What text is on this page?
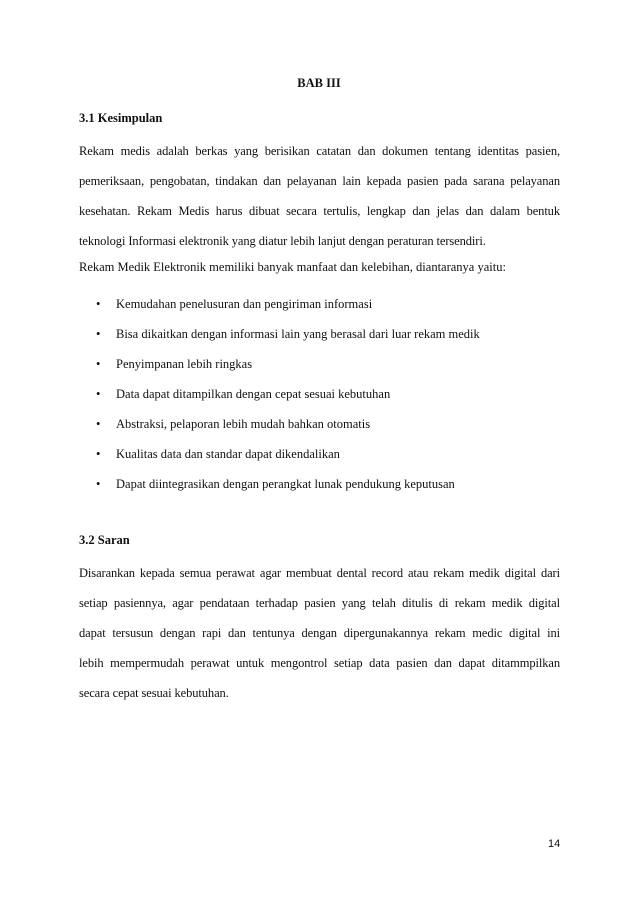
BAB III
3.1 Kesimpulan
Rekam medis adalah berkas yang berisikan catatan dan dokumen tentang identitas pasien,
pemeriksaan, pengobatan, tindakan dan pelayanan lain kepada pasien pada sarana pelayanan
kesehatan. Rekam Medis harus dibuat secara tertulis, lengkap dan jelas dan dalam bentuk
teknologi Informasi elektronik yang diatur lebih lanjut dengan peraturan tersendiri.
Rekam Medik Elektronik memiliki banyak manfaat dan kelebihan, diantaranya yaitu:
• Kemudahan penelusuran dan pengiriman informasi
• Bisa dikaitkan dengan informasi lain yang berasal dari luar rekam medik
• Penyimpanan lebih ringkas
• Data dapat ditampilkan dengan cepat sesuai kebutuhan
• Abstraksi, pelaporan lebih mudah bahkan otomatis
• Kualitas data dan standar dapat dikendalikan
• Dapat diintegrasikan dengan perangkat lunak pendukung keputusan
3.2 Saran
Disarankan kepada semua perawat agar membuat dental record atau rekam medik digital dari
setiap pasiennya, agar pendataan terhadap pasien yang telah ditulis di rekam medik digital
dapat tersusun dengan rapi dan tentunya dengan dipergunakannya rekam medic digital ini
lebih mempermudah perawat untuk mengontrol setiap data pasien dan dapat ditammpilkan
secara cepat sesuai kebutuhan.
14
